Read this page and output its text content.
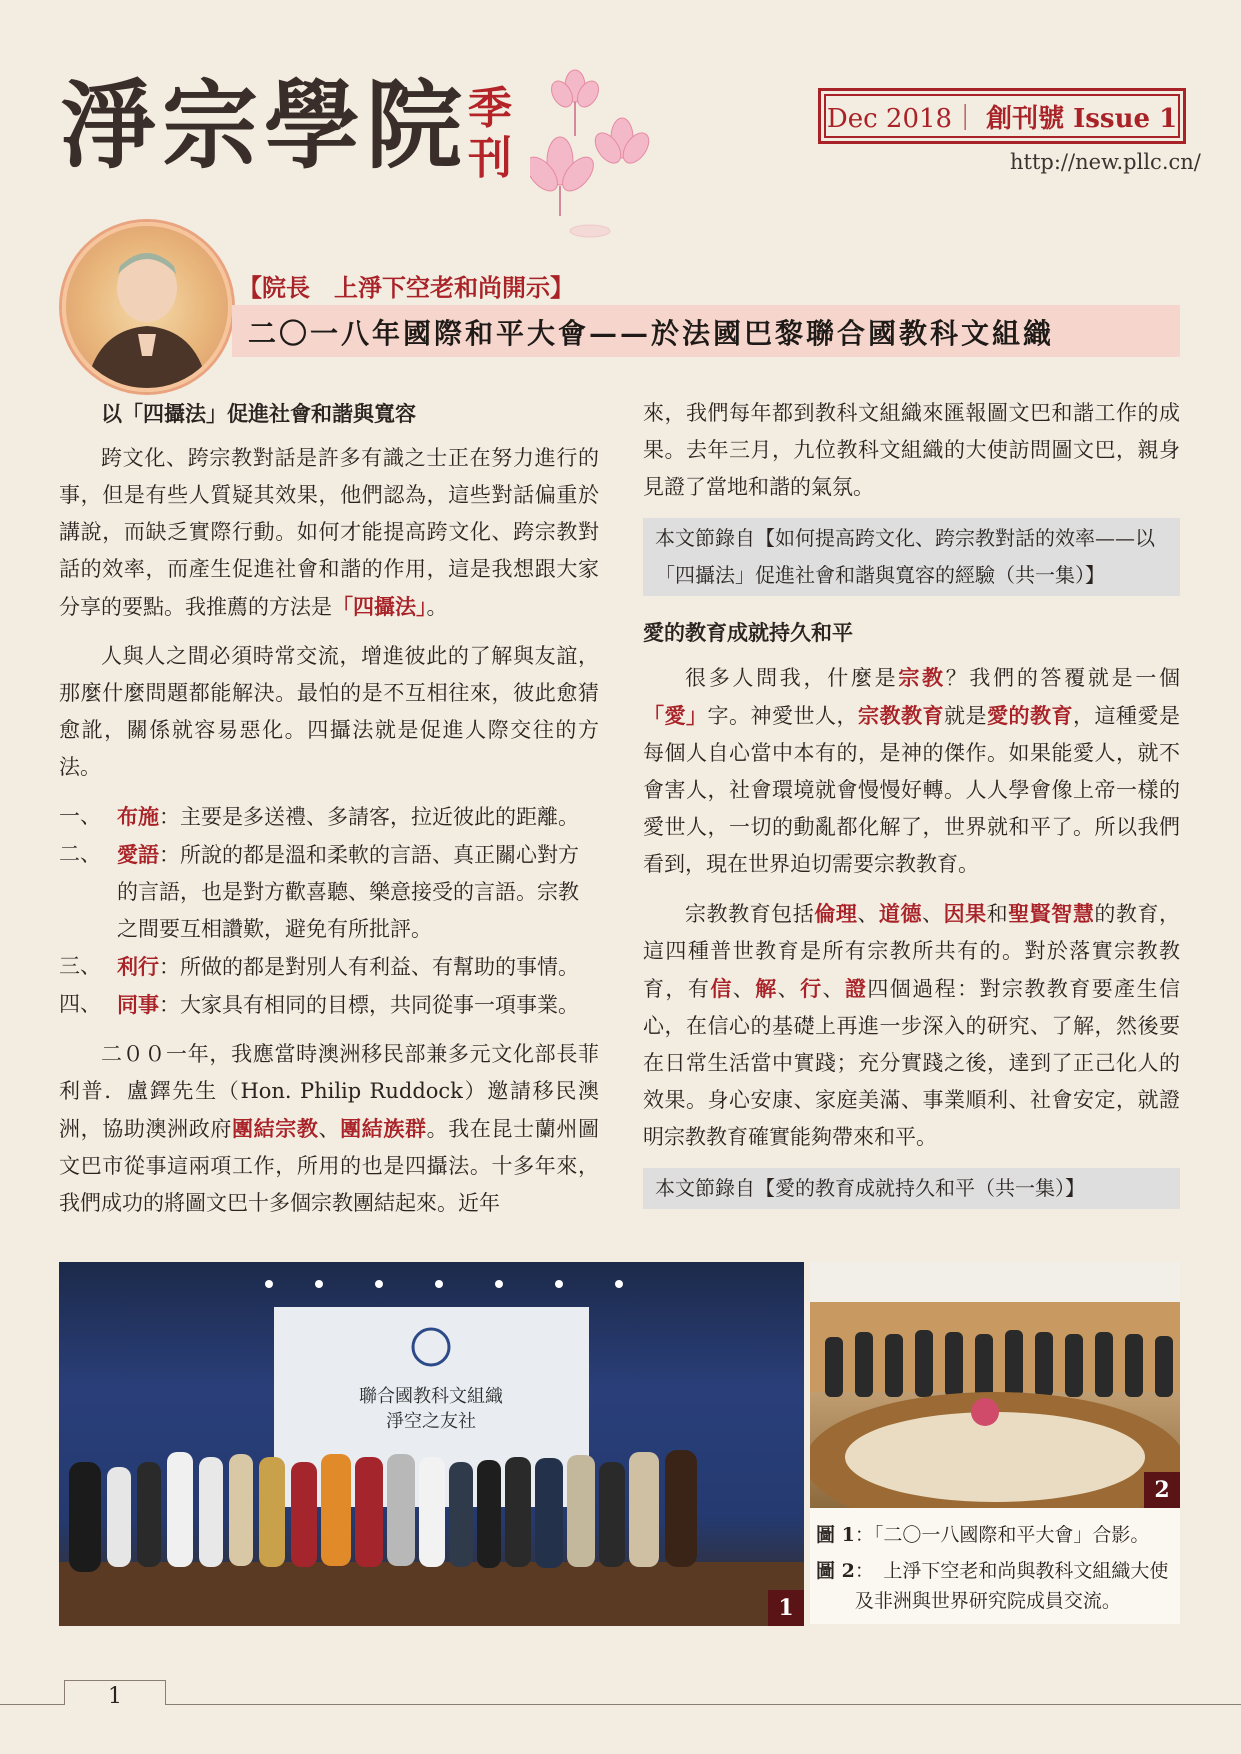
淨宗學院 季刊
Dec 2018｜ 創刊號 Issue 1
http://new.pllc.cn/
【院長　上淨下空老和尚開示】
二〇一八年國際和平大會——於法國巴黎聯合國教科文組織
以「四攝法」促進社會和諧與寬容

跨文化、跨宗教對話是許多有識之士正在努力進行的事，但是有些人質疑其效果，他們認為，這些對話偏重於講說，而缺乏實際行動。如何才能提高跨文化、跨宗教對話的效率，而產生促進社會和諧的作用，這是我想跟大家分享的要點。我推薦的方法是「四攝法」。

人與人之間必須時常交流，增進彼此的了解與友誼，那麼什麼問題都能解決。最怕的是不互相往來，彼此愈猜愈訛，關係就容易惡化。四攝法就是促進人際交往的方法。

一、 布施：主要是多送禮、多請客，拉近彼此的距離。
二、 愛語：所說的都是溫和柔軟的言語、真正關心對方的言語，也是對方歡喜聽、樂意接受的言語。宗教之間要互相讚歎，避免有所批評。
三、 利行：所做的都是對別人有利益、有幫助的事情。
四、 同事：大家具有相同的目標，共同從事一項事業。

二００一年，我應當時澳洲移民部兼多元文化部長菲利普．盧鐸先生（Hon. Philip Ruddock）邀請移民澳洲，協助澳洲政府團結宗教、團結族群。我在昆士蘭州圖文巴市從事這兩項工作，所用的也是四攝法。十多年來，我們成功的將圖文巴十多個宗教團結起來。近年

來，我們每年都到教科文組織來匯報圖文巴和諧工作的成果。去年三月，九位教科文組織的大使訪問圖文巴，親身見證了當地和諧的氣氛。

本文節錄自【如何提高跨文化、跨宗教對話的效率——以「四攝法」促進社會和諧與寬容的經驗（共一集）】
愛的教育成就持久和平

很多人問我，什麼是宗教？我們的答覆就是一個「愛」字。神愛世人，宗教教育就是愛的教育，這種愛是每個人自心當中本有的，是神的傑作。如果能愛人，就不會害人，社會環境就會慢慢好轉。人人學會像上帝一樣的愛世人，一切的動亂都化解了，世界就和平了。所以我們看到，現在世界迫切需要宗教教育。

宗教教育包括倫理、道德、因果和聖賢智慧的教育，這四種普世教育是所有宗教所共有的。對於落實宗教教育，有信、解、行、證四個過程：對宗教教育要產生信心，在信心的基礎上再進一步深入的研究、了解，然後要在日常生活當中實踐；充分實踐之後，達到了正己化人的效果。身心安康、家庭美滿、事業順利、社會安定，就證明宗教教育確實能夠帶來和平。

本文節錄自【愛的教育成就持久和平（共一集）】
聯合國教科文組織
淨空之友社
1
2
圖 1：「二〇一八國際和平大會」合影。
圖 2 ：　上淨下空老和尚與教科文組織大使及非洲與世界研究院成員交流。
1
